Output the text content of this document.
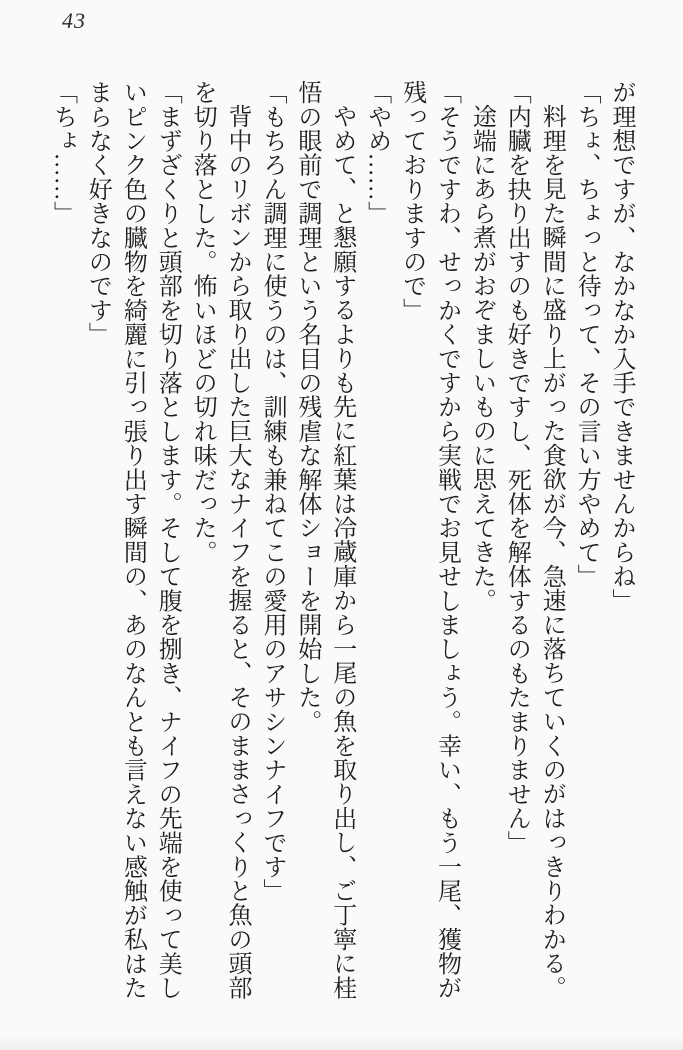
43

が理想ですが、なかなか入手できませんからね」

「ちょ、ちょっと待って、その言い方やめて」

料理を見た瞬間に盛り上がった食欲が今、急速に落ちていくのがはっきりわかる。

「内臓を抉り出すのも好きですし、死体を解体するのもたまりません」

途端にあら煮がおぞましいものに思えてきた。

「そうですわ、せっかくですから実戦でお見せしましょう。幸い、もう一尾、獲物が残っておりますので」

「やめ……」

やめて、と懇願するよりも先に紅葉は冷蔵庫から一尾の魚を取り出し、ご丁寧に桂悟の眼前で調理という名目の残虐な解体ショーを開始した。

「もちろん調理に使うのは、訓練も兼ねてこの愛用のアサシンナイフです」

背中のリボンから取り出した巨大なナイフを握ると、そのままさっくりと魚の頭部を切り落とした。怖いほどの切れ味だった。

「まずざくりと頭部を切り落とします。そして腹を捌き、ナイフの先端を使って美しいピンク色の臓物を綺麗に引っ張り出す瞬間の、あのなんとも言えない感触が私はたまらなく好きなのです」

「ちょ……」
